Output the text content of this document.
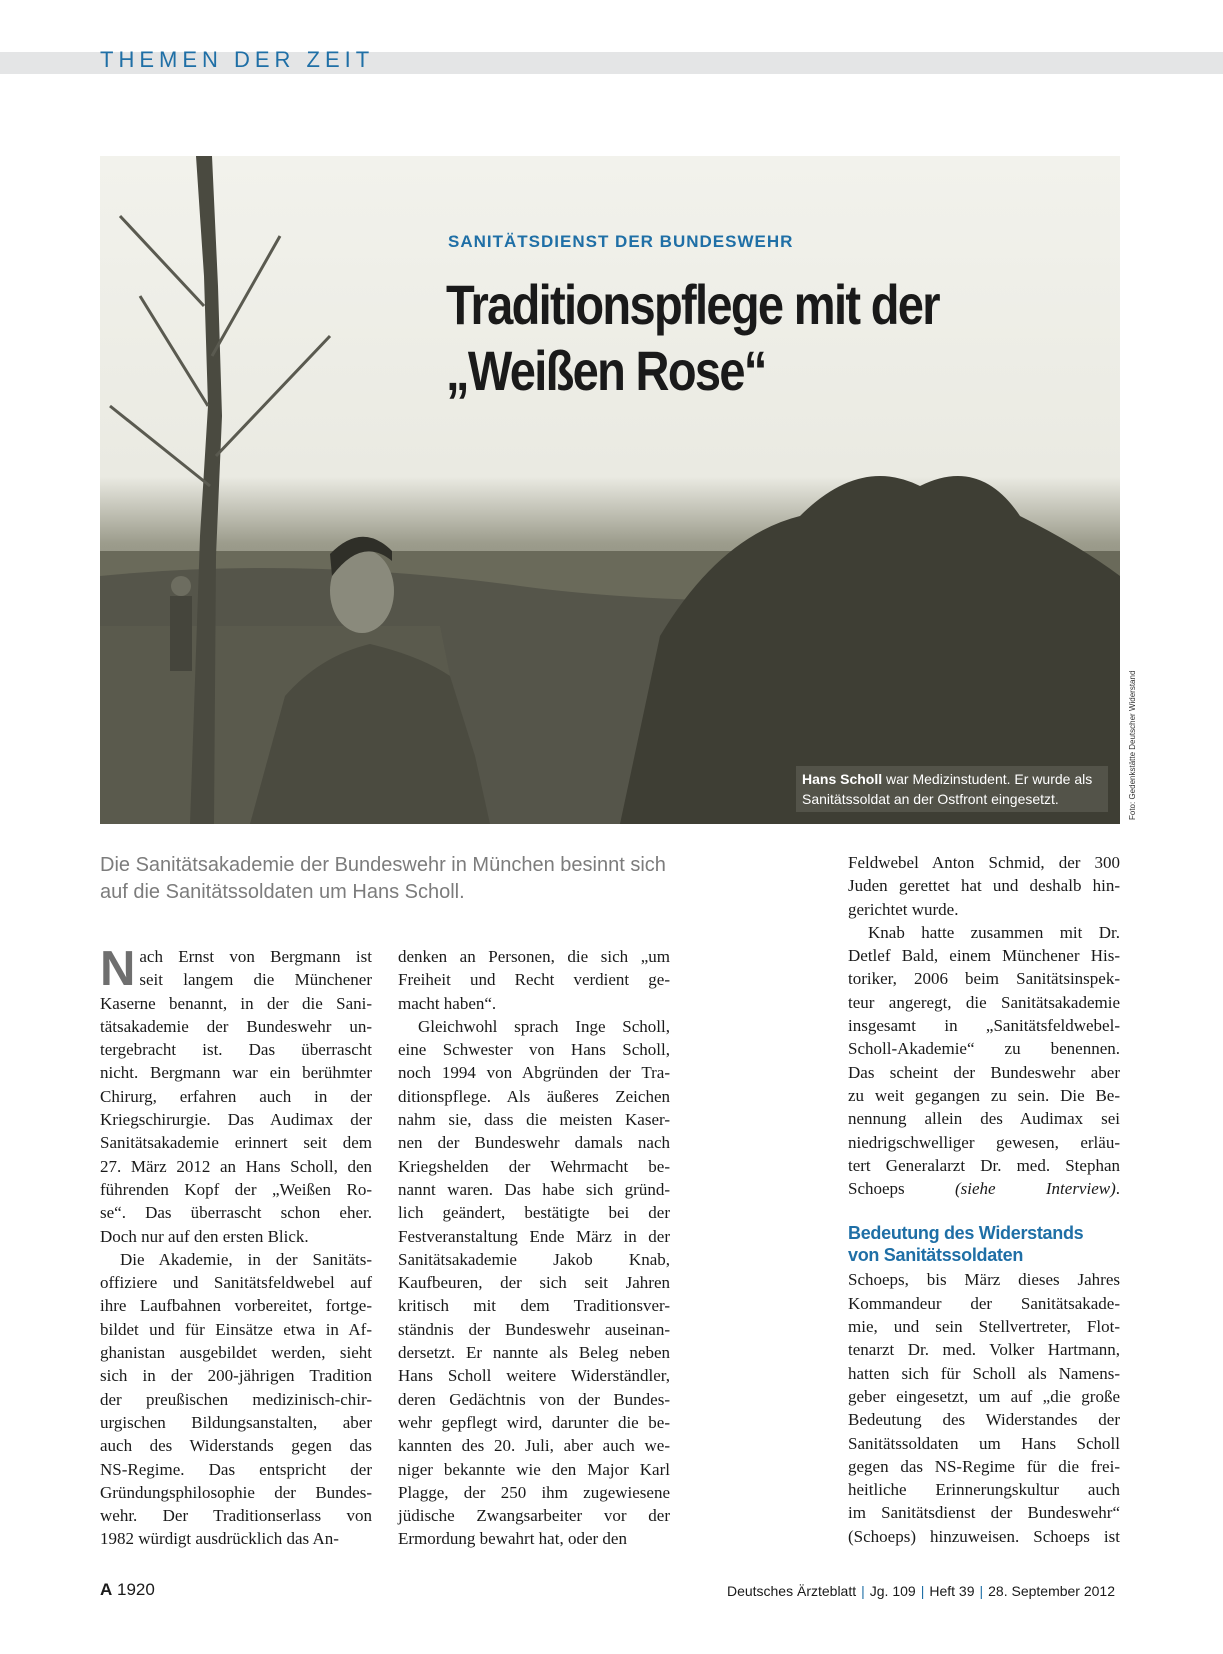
THEMEN DER ZEIT
SANITÄTSDIENST DER BUNDESWEHR
Traditionspflege mit der
„Weißen Rose“
Hans Scholl war Medizinstudent. Er wurde als
Sanitätssoldat an der Ostfront eingesetzt.	Foto: Gedenkstätte Deutscher Widerstand
Die Sanitätsakademie der Bundeswehr in München besinnt sich
auf die Sanitätssoldaten um Hans Scholl.
N ach Ernst von Bergmann ist

seit langem die Münchener

Kaserne benannt, in der die Sani-

tätsakademie der Bundeswehr un-

tergebracht ist. Das überrascht

nicht. Bergmann war ein berühmter

Chirurg, erfahren auch in der

Kriegschirurgie. Das Audimax der

Sanitätsakademie erinnert seit dem

27. März 2012 an Hans Scholl, den

führenden Kopf der „Weißen Ro-

se“. Das überrascht schon eher.

Doch nur auf den ersten Blick.

Die Akademie, in der Sanitäts-

offiziere und Sanitätsfeldwebel auf

ihre Laufbahnen vorbereitet, fortge-

bildet und für Einsätze etwa in Af-

ghanistan ausgebildet werden, sieht

sich in der 200-jährigen Tradition

der preußischen medizinisch-chir-

urgischen Bildungsanstalten, aber

auch des Widerstands gegen das

NS-Regime. Das entspricht der

Gründungsphilosophie der Bundes-

wehr. Der Traditionserlass von

1982 würdigt ausdrücklich das An-

denken an Personen, die sich „um

Freiheit und Recht verdient ge-

macht haben“.

Gleichwohl sprach Inge Scholl,

eine Schwester von Hans Scholl,

noch 1994 von Abgründen der Tra-

ditionspflege. Als äußeres Zeichen

nahm sie, dass die meisten Kaser-

nen der Bundeswehr damals nach

Kriegshelden der Wehrmacht be-

nannt waren. Das habe sich gründ-

lich geändert, bestätigte bei der

Festveranstaltung Ende März in der

Sanitätsakademie Jakob Knab,

Kaufbeuren, der sich seit Jahren

kritisch mit dem Traditionsver-

ständnis der Bundeswehr auseinan-

dersetzt. Er nannte als Beleg neben

Hans Scholl weitere Widerständler,

deren Gedächtnis von der Bundes-

wehr gepflegt wird, darunter die be-

kannten des 20. Juli, aber auch we-

niger bekannte wie den Major Karl

Plagge, der 250 ihm zugewiesene

jüdische Zwangsarbeiter vor der

Ermordung bewahrt hat, oder den

Feldwebel Anton Schmid, der 300

Juden gerettet hat und deshalb hin-

gerichtet wurde.

Knab hatte zusammen mit Dr.

Detlef Bald, einem Münchener His-

toriker, 2006 beim Sanitätsinspek-

teur angeregt, die Sanitätsakademie

insgesamt in „Sanitätsfeldwebel-

Scholl-Akademie“ zu benennen.

Das scheint der Bundeswehr aber

zu weit gegangen zu sein. Die Be-

nennung allein des Audimax sei

niedrigschwelliger gewesen, erläu-

tert Generalarzt Dr. med. Stephan

Schoeps (siehe Interview).

Bedeutung des Widerstands
von Sanitätssoldaten

Schoeps, bis März dieses Jahres

Kommandeur der Sanitätsakade-

mie, und sein Stellvertreter, Flot-

tenarzt Dr. med. Volker Hartmann,

hatten sich für Scholl als Namens-

geber eingesetzt, um auf „die große

Bedeutung des Widerstandes der

Sanitätssoldaten um Hans Scholl

gegen das NS-Regime für die frei-

heitliche Erinnerungskultur auch

im Sanitätsdienst der Bundeswehr“

(Schoeps) hinzuweisen. Schoeps ist

A 1920	Deutsches Ärzteblatt | Jg. 109 | Heft 39 | 28. September 2012
